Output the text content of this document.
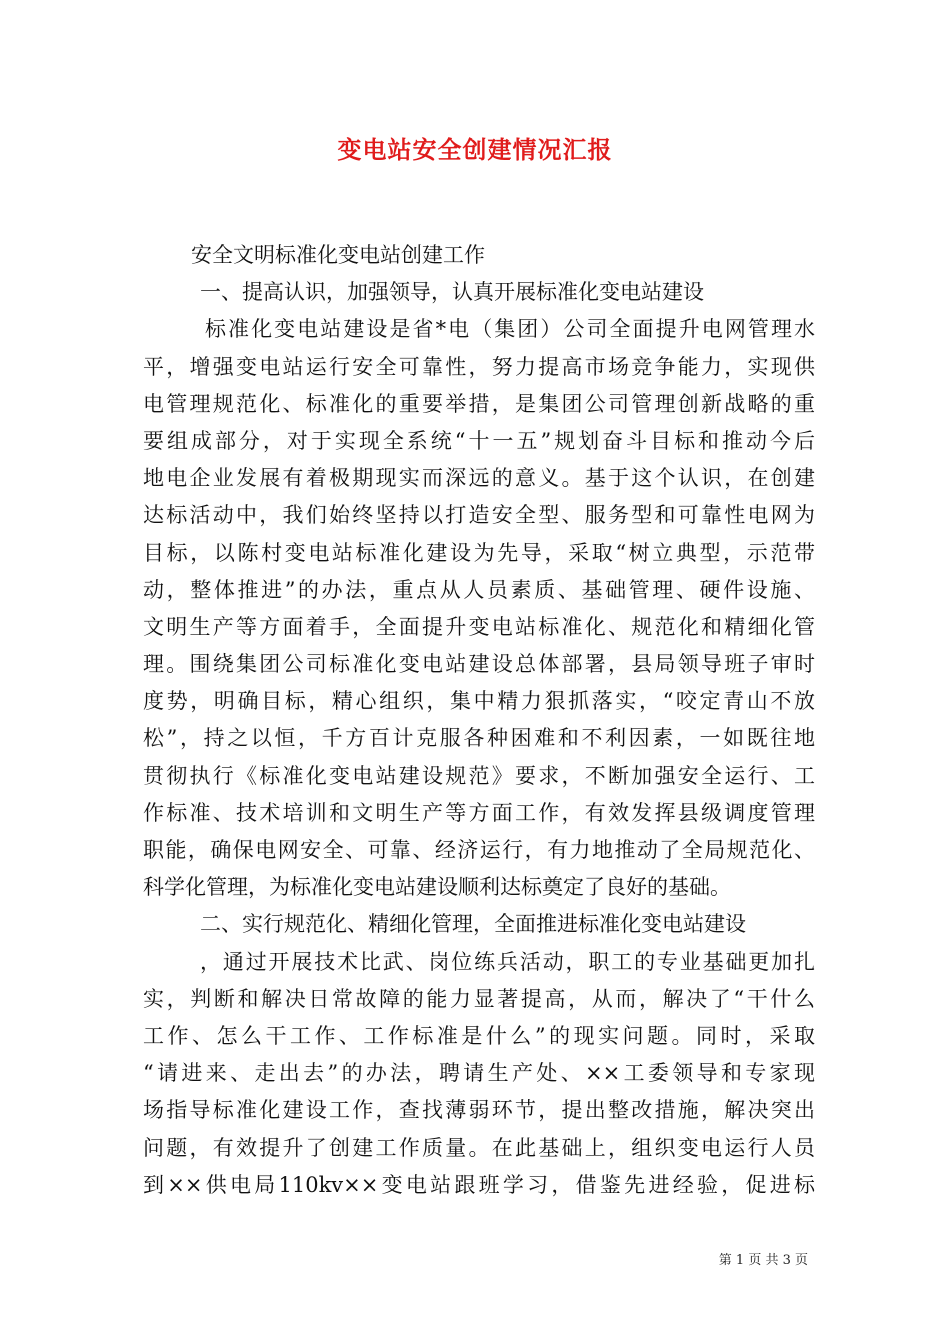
变电站安全创建情况汇报
安全文明标准化变电站创建工作
一、提高认识，加强领导，认真开展标准化变电站建设
标准化变电站建设是省*电（集团）公司全面提升电网管理水
平，增强变电站运行安全可靠性，努力提高市场竞争能力，实现供
电管理规范化、标准化的重要举措，是集团公司管理创新战略的重
要组成部分，对于实现全系统“十一五”规划奋斗目标和推动今后
地电企业发展有着极期现实而深远的意义。基于这个认识，在创建
达标活动中，我们始终坚持以打造安全型、服务型和可靠性电网为
目标，以陈村变电站标准化建设为先导，采取“树立典型，示范带
动，整体推进”的办法，重点从人员素质、基础管理、硬件设施、
文明生产等方面着手，全面提升变电站标准化、规范化和精细化管
理。围绕集团公司标准化变电站建设总体部署，县局领导班子审时
度势，明确目标，精心组织，集中精力狠抓落实，“咬定青山不放
松”，持之以恒，千方百计克服各种困难和不利因素，一如既往地
贯彻执行《标准化变电站建设规范》要求，不断加强安全运行、工
作标准、技术培训和文明生产等方面工作，有效发挥县级调度管理
职能，确保电网安全、可靠、经济运行，有力地推动了全局规范化、
科学化管理，为标准化变电站建设顺利达标奠定了良好的基础。
二、实行规范化、精细化管理，全面推进标准化变电站建设
，通过开展技术比武、岗位练兵活动，职工的专业基础更加扎
实，判断和解决日常故障的能力显著提高，从而，解决了“干什么
工作、怎么干工作、工作标准是什么”的现实问题。同时，采取
“请进来、走出去”的办法，聘请生产处、××工委领导和专家现
场指导标准化建设工作，查找薄弱环节，提出整改措施，解决突出
问题，有效提升了创建工作质量。在此基础上，组织变电运行人员
到××供电局110kv××变电站跟班学习，借鉴先进经验，促进标
第 1 页 共 3 页
